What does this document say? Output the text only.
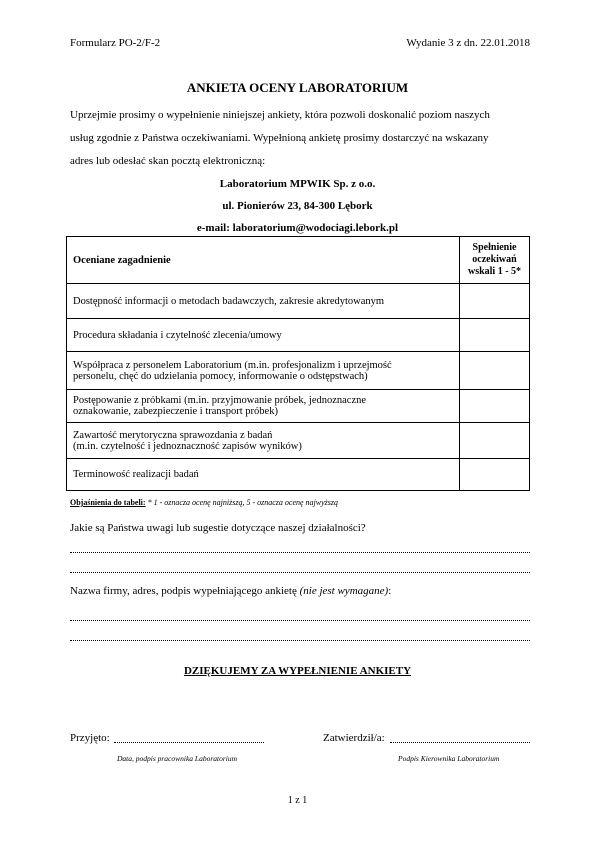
Formularz PO-2/F-2	Wydanie 3 z dn. 22.01.2018
ANKIETA OCENY LABORATORIUM
Uprzejmie prosimy o wypełnienie niniejszej ankiety, która pozwoli doskonalić poziom naszych
usług zgodnie z Państwa oczekiwaniami. Wypełnioną ankietę prosimy dostarczyć na wskazany
adres lub odesłać skan pocztą elektroniczną:
Laboratorium MPWIK Sp. z o.o.
ul. Pionierów 23, 84-300 Lębork
e-mail: laboratorium@wodociagi.lebork.pl
Oceniane zagadnienie	Spełnienie
oczekiwań
wskali 1 - 5*

Dostępność informacji o metodach badawczych, zakresie akredytowanym	

Procedura składania i czytelność zlecenia/umowy	

Współpraca z personelem Laboratorium (m.in. profesjonalizm i uprzejmość
personelu, chęć do udzielania pomocy, informowanie o odstępstwach)	

Postępowanie z próbkami (m.in. przyjmowanie próbek, jednoznaczne
oznakowanie, zabezpieczenie i transport próbek)	

Zawartość merytoryczna sprawozdania z badań
(m.in. czytelność i jednoznaczność zapisów wyników)	

Terminowość realizacji badań	

Objaśnienia do tabeli: * 1 - oznacza ocenę najniższą, 5 - oznacza ocenę najwyższą
Jakie są Państwa uwagi lub sugestie dotyczące naszej działalności?
Nazwa firmy, adres, podpis wypełniającego ankietę (nie jest wymagane):
DZIĘKUJEMY ZA WYPEŁNIENIE ANKIETY
Przyjęto:
Data, podpis pracownika Laboratorium
Zatwierdził/a:
Podpis Kierownika Laboratorium
1 z 1
